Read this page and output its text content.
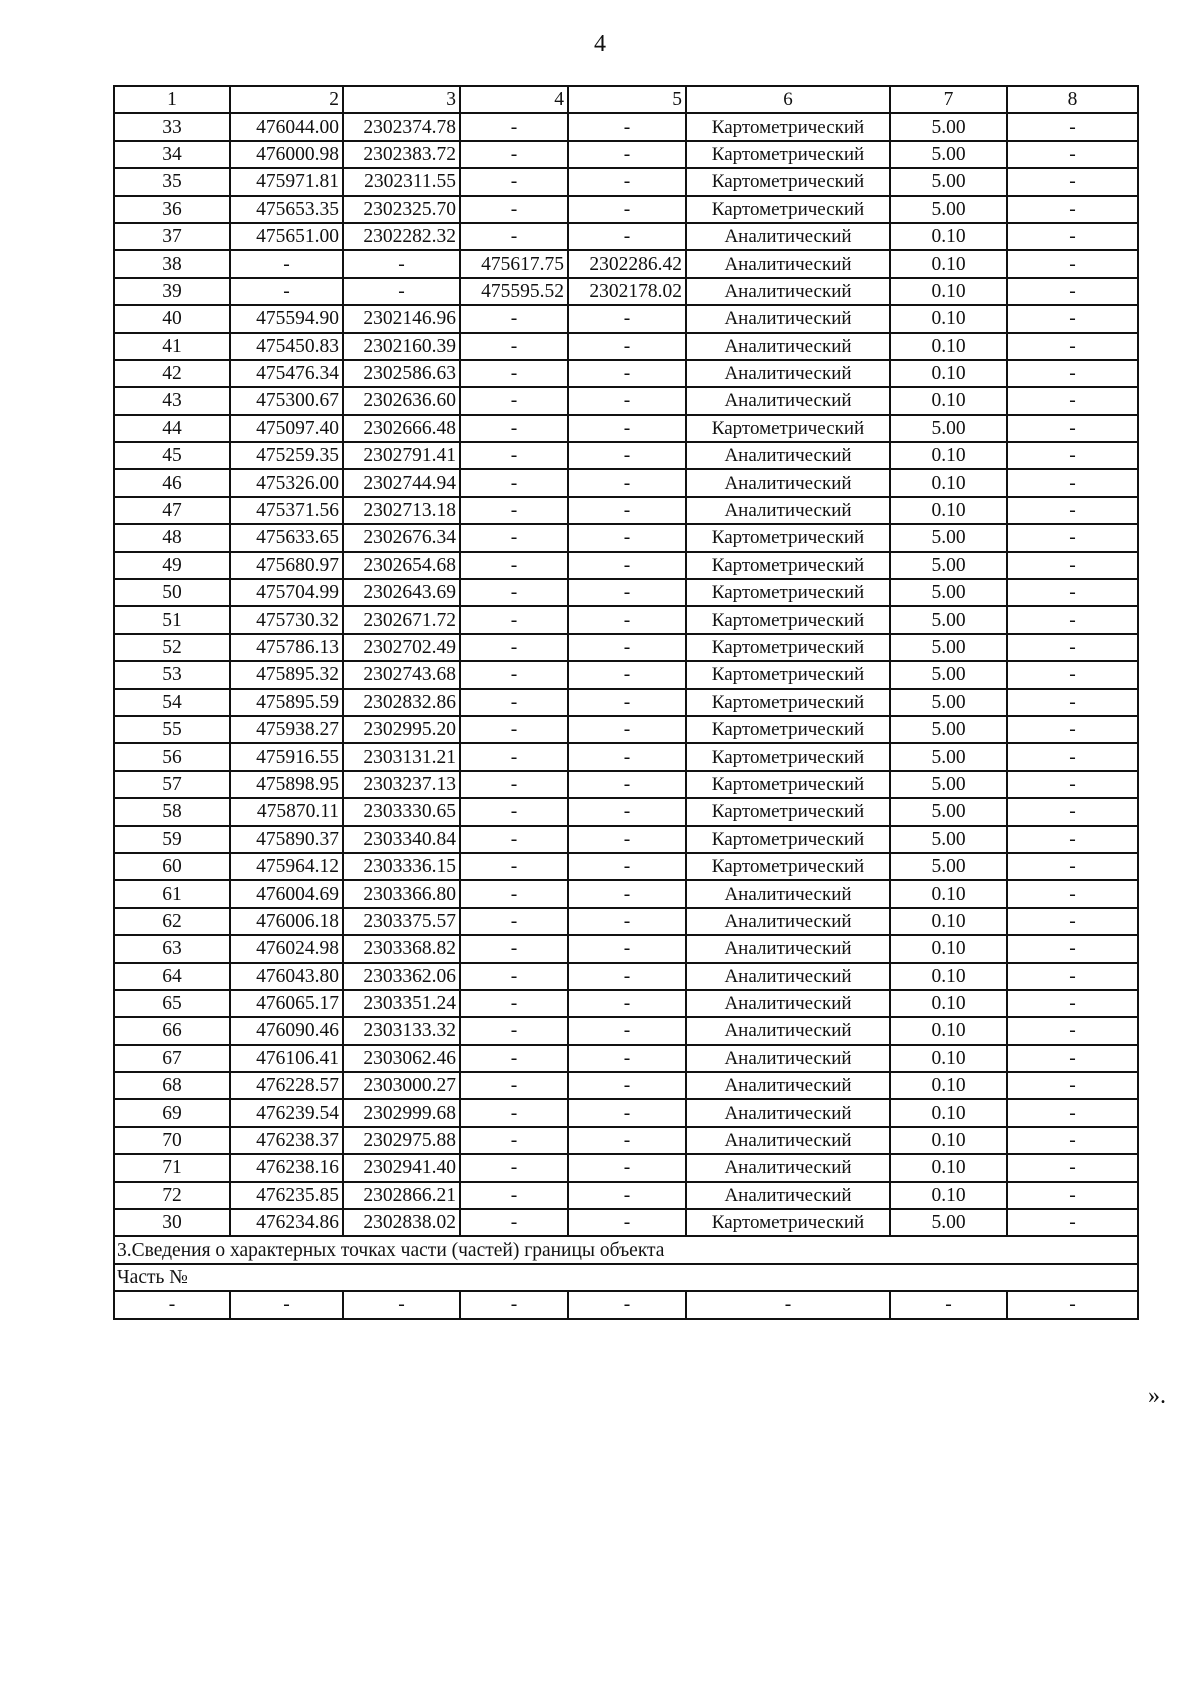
4
1	2	3	4	5	6	7	8
33	476044.00	2302374.78	-	-	Картометрический	5.00	-
34	476000.98	2302383.72	-	-	Картометрический	5.00	-
35	475971.81	2302311.55	-	-	Картометрический	5.00	-
36	475653.35	2302325.70	-	-	Картометрический	5.00	-
37	475651.00	2302282.32	-	-	Аналитический	0.10	-
38	-	-	475617.75	2302286.42	Аналитический	0.10	-
39	-	-	475595.52	2302178.02	Аналитический	0.10	-
40	475594.90	2302146.96	-	-	Аналитический	0.10	-
41	475450.83	2302160.39	-	-	Аналитический	0.10	-
42	475476.34	2302586.63	-	-	Аналитический	0.10	-
43	475300.67	2302636.60	-	-	Аналитический	0.10	-
44	475097.40	2302666.48	-	-	Картометрический	5.00	-
45	475259.35	2302791.41	-	-	Аналитический	0.10	-
46	475326.00	2302744.94	-	-	Аналитический	0.10	-
47	475371.56	2302713.18	-	-	Аналитический	0.10	-
48	475633.65	2302676.34	-	-	Картометрический	5.00	-
49	475680.97	2302654.68	-	-	Картометрический	5.00	-
50	475704.99	2302643.69	-	-	Картометрический	5.00	-
51	475730.32	2302671.72	-	-	Картометрический	5.00	-
52	475786.13	2302702.49	-	-	Картометрический	5.00	-
53	475895.32	2302743.68	-	-	Картометрический	5.00	-
54	475895.59	2302832.86	-	-	Картометрический	5.00	-
55	475938.27	2302995.20	-	-	Картометрический	5.00	-
56	475916.55	2303131.21	-	-	Картометрический	5.00	-
57	475898.95	2303237.13	-	-	Картометрический	5.00	-
58	475870.11	2303330.65	-	-	Картометрический	5.00	-
59	475890.37	2303340.84	-	-	Картометрический	5.00	-
60	475964.12	2303336.15	-	-	Картометрический	5.00	-
61	476004.69	2303366.80	-	-	Аналитический	0.10	-
62	476006.18	2303375.57	-	-	Аналитический	0.10	-
63	476024.98	2303368.82	-	-	Аналитический	0.10	-
64	476043.80	2303362.06	-	-	Аналитический	0.10	-
65	476065.17	2303351.24	-	-	Аналитический	0.10	-
66	476090.46	2303133.32	-	-	Аналитический	0.10	-
67	476106.41	2303062.46	-	-	Аналитический	0.10	-
68	476228.57	2303000.27	-	-	Аналитический	0.10	-
69	476239.54	2302999.68	-	-	Аналитический	0.10	-
70	476238.37	2302975.88	-	-	Аналитический	0.10	-
71	476238.16	2302941.40	-	-	Аналитический	0.10	-
72	476235.85	2302866.21	-	-	Аналитический	0.10	-
30	476234.86	2302838.02	-	-	Картометрический	5.00	-
3.Сведения о характерных точках части (частей) границы объекта							
Часть №							
-	-	-	-	-	-	-	-
».
